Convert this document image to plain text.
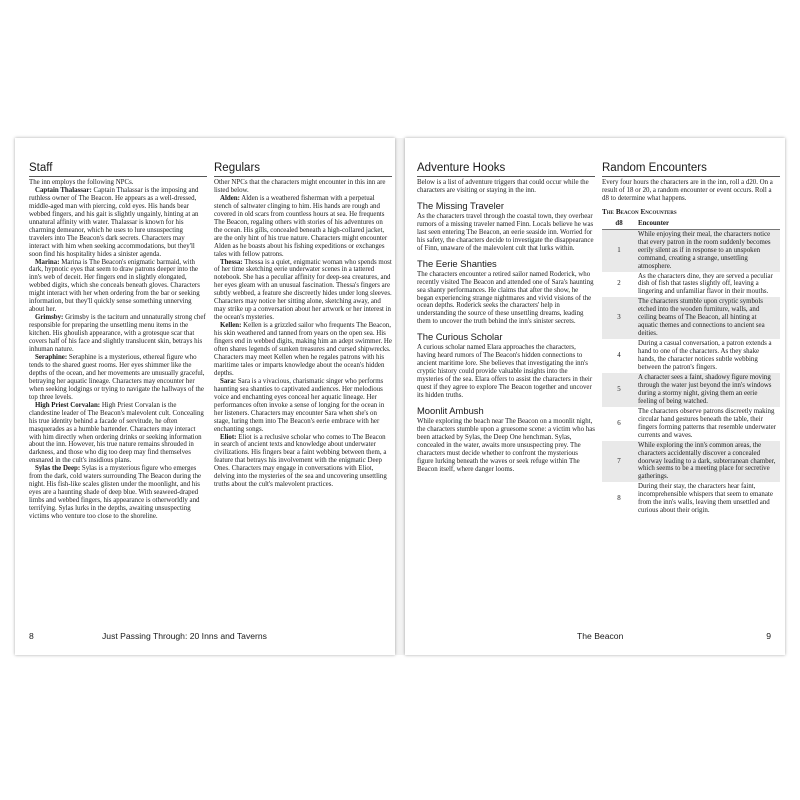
Staff

The inn employs the following NPCs.

Captain Thalassar: Captain Thalassar is the imposing and ruthless owner of The Beacon. He appears as a well-dressed, middle-aged man with piercing, cold eyes. His hands bear webbed fingers, and his gait is slightly ungainly, hinting at an unnatural affinity with water. Thalassar is known for his charming demeanor, which he uses to lure unsuspecting travelers into The Beacon's dark secrets. Characters may interact with him when seeking accommodations, but they'll soon find his hospitality hides a sinister agenda.

Marina: Marina is The Beacon's enigmatic barmaid, with dark, hypnotic eyes that seem to draw patrons deeper into the inn's web of deceit. Her fingers end in slightly elongated, webbed digits, which she conceals beneath gloves. Characters might interact with her when ordering from the bar or seeking information, but they'll quickly sense something unnerving about her.

Grimsby: Grimsby is the taciturn and unnaturally strong chef responsible for preparing the unsettling menu items in the kitchen. His ghoulish appearance, with a grotesque scar that covers half of his face and slightly translucent skin, betrays his inhuman nature.

Seraphine: Seraphine is a mysterious, ethereal figure who tends to the shared guest rooms. Her eyes shimmer like the depths of the ocean, and her movements are unusually graceful, betraying her aquatic lineage. Characters may encounter her when seeking lodgings or trying to navigate the hallways of the top three levels.

High Priest Corvalan: High Priest Corvalan is the clandestine leader of The Beacon's malevolent cult. Concealing his true identity behind a facade of servitude, he often masquerades as a humble bartender. Characters may interact with him directly when ordering drinks or seeking information about the inn. However, his true nature remains shrouded in darkness, and those who dig too deep may find themselves ensnared in the cult's insidious plans.

Sylas the Deep: Sylas is a mysterious figure who emerges from the dark, cold waters surrounding The Beacon during the night. His fish-like scales glisten under the moonlight, and his eyes are a haunting shade of deep blue. With seaweed-draped limbs and webbed fingers, his appearance is otherworldly and terrifying. Sylas lurks in the depths, awaiting unsuspecting victims who venture too close to the shoreline.

Regulars

Other NPCs that the characters might encounter in this inn are listed below.

Alden: Alden is a weathered fisherman with a perpetual stench of saltwater clinging to him. His hands are rough and covered in old scars from countless hours at sea. He frequents The Beacon, regaling others with stories of his adventures on the ocean. His gills, concealed beneath a high-collared jacket, are the only hint of his true nature. Characters might encounter Alden as he boasts about his fishing expeditions or exchanges tales with fellow patrons.

Thessa: Thessa is a quiet, enigmatic woman who spends most of her time sketching eerie underwater scenes in a tattered notebook. She has a peculiar affinity for deep-sea creatures, and her eyes gleam with an unusual fascination. Thessa's fingers are subtly webbed, a feature she discreetly hides under long sleeves. Characters may notice her sitting alone, sketching away, and may strike up a conversation about her artwork or her interest in the ocean's mysteries.

Kellen: Kellen is a grizzled sailor who frequents The Beacon, his skin weathered and tanned from years on the open sea. His fingers end in webbed digits, making him an adept swimmer. He often shares legends of sunken treasures and cursed shipwrecks. Characters may meet Kellen when he regales patrons with his maritime tales or imparts knowledge about the ocean's hidden depths.

Sara: Sara is a vivacious, charismatic singer who performs haunting sea shanties to captivated audiences. Her melodious voice and enchanting eyes conceal her aquatic lineage. Her performances often invoke a sense of longing for the ocean in her listeners. Characters may encounter Sara when she's on stage, luring them into The Beacon's eerie embrace with her enchanting songs.

Eliot: Eliot is a reclusive scholar who comes to The Beacon in search of ancient texts and knowledge about underwater civilizations. His fingers bear a faint webbing between them, a feature that betrays his involvement with the enigmatic Deep Ones. Characters may engage in conversations with Eliot, delving into the mysteries of the sea and uncovering unsettling truths about the cult's malevolent practices.

8	Just Passing Through: 20 Inns and Taverns
Adventure Hooks

Below is a list of adventure triggers that could occur while the characters are visiting or staying in the inn.

The Missing Traveler

As the characters travel through the coastal town, they overhear rumors of a missing traveler named Finn. Locals believe he was last seen entering The Beacon, an eerie seaside inn. Worried for his safety, the characters decide to investigate the disappearance of Finn, unaware of the malevolent cult that lurks within.

The Eerie Shanties

The characters encounter a retired sailor named Roderick, who recently visited The Beacon and attended one of Sara's haunting sea shanty performances. He claims that after the show, he began experiencing strange nightmares and vivid visions of the ocean depths. Roderick seeks the characters' help in understanding the source of these unsettling dreams, leading them to uncover the truth behind the inn's sinister secrets.

The Curious Scholar

A curious scholar named Elara approaches the characters, having heard rumors of The Beacon's hidden connections to ancient maritime lore. She believes that investigating the inn's cryptic history could provide valuable insights into the mysteries of the sea. Elara offers to assist the characters in their quest if they agree to explore The Beacon together and uncover its hidden truths.

Moonlit Ambush

While exploring the beach near The Beacon on a moonlit night, the characters stumble upon a gruesome scene: a victim who has been attacked by Sylas, the Deep One henchman. Sylas, concealed in the water, awaits more unsuspecting prey. The characters must decide whether to confront the mysterious figure lurking beneath the waves or seek refuge within The Beacon itself, where danger looms.

Random Encounters

Every four hours the characters are in the inn, roll a d20. On a result of 18 or 20, a random encounter or event occurs. Roll a d8 to determine what happens.

The Beacon Encounters
d8	Encounter
1	While enjoying their meal, the characters notice that every patron in the room suddenly becomes eerily silent as if in response to an unspoken command, creating a strange, unsettling atmosphere.
2	As the characters dine, they are served a peculiar dish of fish that tastes slightly off, leaving a lingering and unfamiliar flavor in their mouths.
3	The characters stumble upon cryptic symbols etched into the wooden furniture, walls, and ceiling beams of The Beacon, all hinting at aquatic themes and connections to ancient sea deities.
4	During a casual conversation, a patron extends a hand to one of the characters. As they shake hands, the character notices subtle webbing between the patron's fingers.
5	A character sees a faint, shadowy figure moving through the water just beyond the inn's windows during a stormy night, giving them an eerie feeling of being watched.
6	The characters observe patrons discreetly making circular hand gestures beneath the table, their fingers forming patterns that resemble underwater currents and waves.
7	While exploring the inn's common areas, the characters accidentally discover a concealed doorway leading to a dark, subterranean chamber, which seems to be a meeting place for secretive gatherings.
8	During their stay, the characters hear faint, incomprehensible whispers that seem to emanate from the inn's walls, leaving them unsettled and curious about their origin.
The Beacon	9
